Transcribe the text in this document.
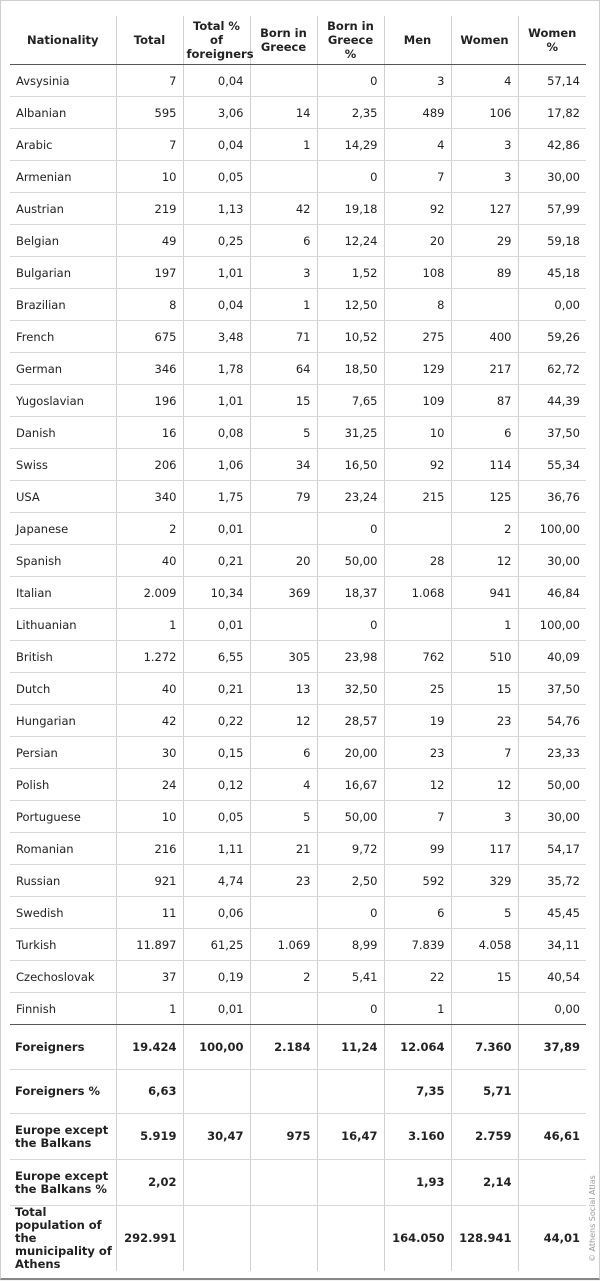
Nationality	Total	Total % of foreigners	Born in Greece	Born in Greece %	Men	Women	Women %
Avsysinia	7	0,04		0	3	4	57,14
Albanian	595	3,06	14	2,35	489	106	17,82
Arabic	7	0,04	1	14,29	4	3	42,86
Armenian	10	0,05		0	7	3	30,00
Austrian	219	1,13	42	19,18	92	127	57,99
Belgian	49	0,25	6	12,24	20	29	59,18
Bulgarian	197	1,01	3	1,52	108	89	45,18
Brazilian	8	0,04	1	12,50	8		0,00
French	675	3,48	71	10,52	275	400	59,26
German	346	1,78	64	18,50	129	217	62,72
Yugoslavian	196	1,01	15	7,65	109	87	44,39
Danish	16	0,08	5	31,25	10	6	37,50
Swiss	206	1,06	34	16,50	92	114	55,34
USA	340	1,75	79	23,24	215	125	36,76
Japanese	2	0,01		0		2	100,00
Spanish	40	0,21	20	50,00	28	12	30,00
Italian	2.009	10,34	369	18,37	1.068	941	46,84
Lithuanian	1	0,01		0		1	100,00
British	1.272	6,55	305	23,98	762	510	40,09
Dutch	40	0,21	13	32,50	25	15	37,50
Hungarian	42	0,22	12	28,57	19	23	54,76
Persian	30	0,15	6	20,00	23	7	23,33
Polish	24	0,12	4	16,67	12	12	50,00
Portuguese	10	0,05	5	50,00	7	3	30,00
Romanian	216	1,11	21	9,72	99	117	54,17
Russian	921	4,74	23	2,50	592	329	35,72
Swedish	11	0,06		0	6	5	45,45
Turkish	11.897	61,25	1.069	8,99	7.839	4.058	34,11
Czechoslovak	37	0,19	2	5,41	22	15	40,54
Finnish	1	0,01		0	1		0,00
Foreigners	19.424	100,00	2.184	11,24	12.064	7.360	37,89
Foreigners %	6,63				7,35	5,71	
Europe except the Balkans	5.919	30,47	975	16,47	3.160	2.759	46,61
Europe except the Balkans %	2,02				1,93	2,14	
Total population of the municipality of Athens	292.991				164.050	128.941	44,01 © Athens Social Atlas
